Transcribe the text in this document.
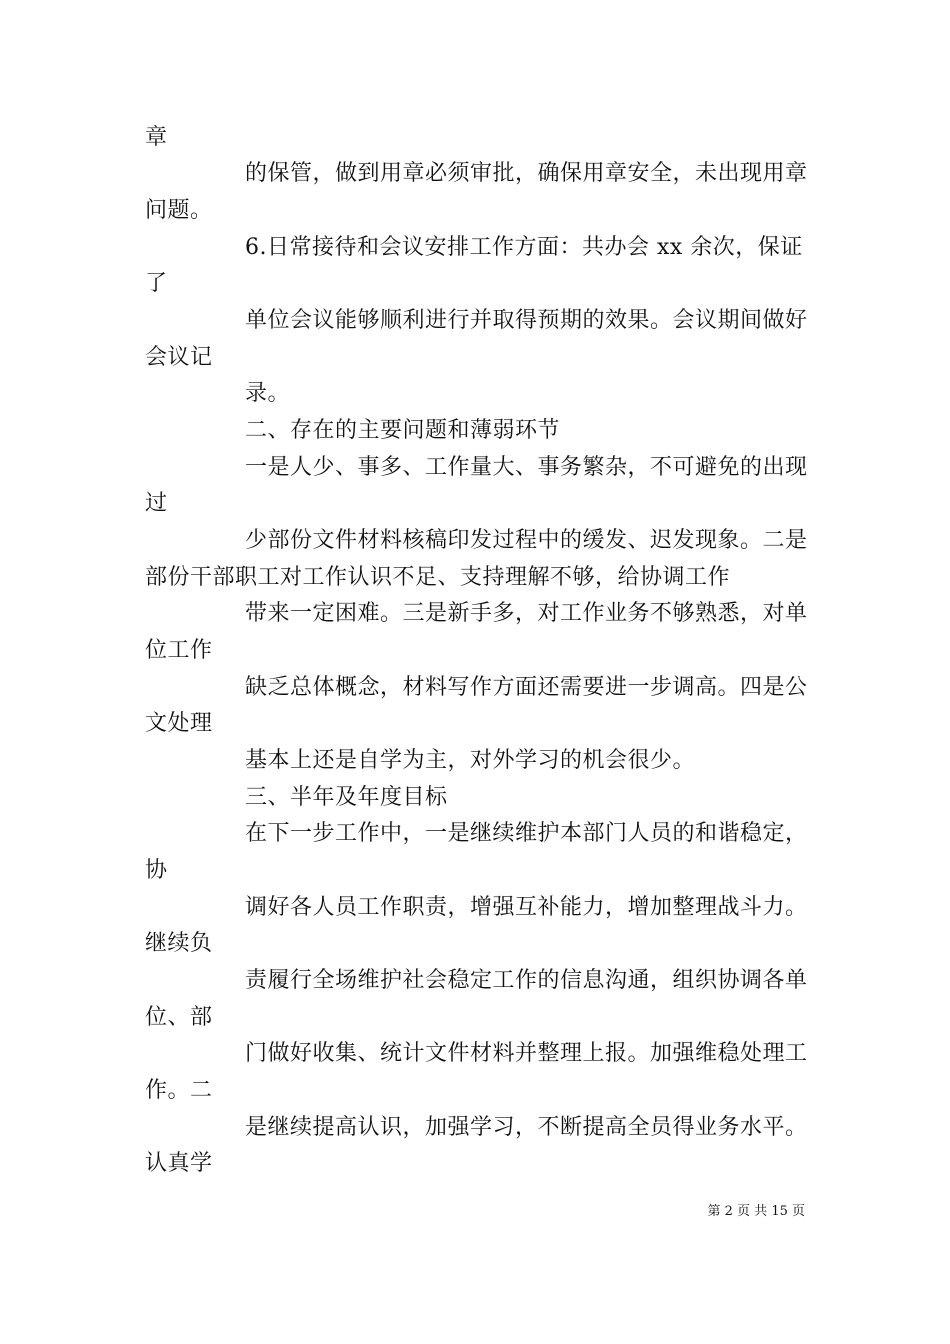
章
的保管，做到用章必须审批，确保用章安全，未出现用章
问题。
6.日常接待和会议安排工作方面：共办会 xx 余次，保证
了
单位会议能够顺利进行并取得预期的效果。会议期间做好
会议记
录。
二、存在的主要问题和薄弱环节
一是人少、事多、工作量大、事务繁杂，不可避免的出现
过
少部份文件材料核稿印发过程中的缓发、迟发现象。二是
部份干部职工对工作认识不足、支持理解不够，给协调工作
带来一定困难。三是新手多，对工作业务不够熟悉，对单
位工作
缺乏总体概念，材料写作方面还需要进一步调高。四是公
文处理
基本上还是自学为主，对外学习的机会很少。
三、半年及年度目标
在下一步工作中，一是继续维护本部门人员的和谐稳定，
协
调好各人员工作职责，增强互补能力，增加整理战斗力。
继续负
责履行全场维护社会稳定工作的信息沟通，组织协调各单
位、部
门做好收集、统计文件材料并整理上报。加强维稳处理工
作。二
是继续提高认识，加强学习，不断提高全员得业务水平。
认真学
第 2 页 共 15 页
